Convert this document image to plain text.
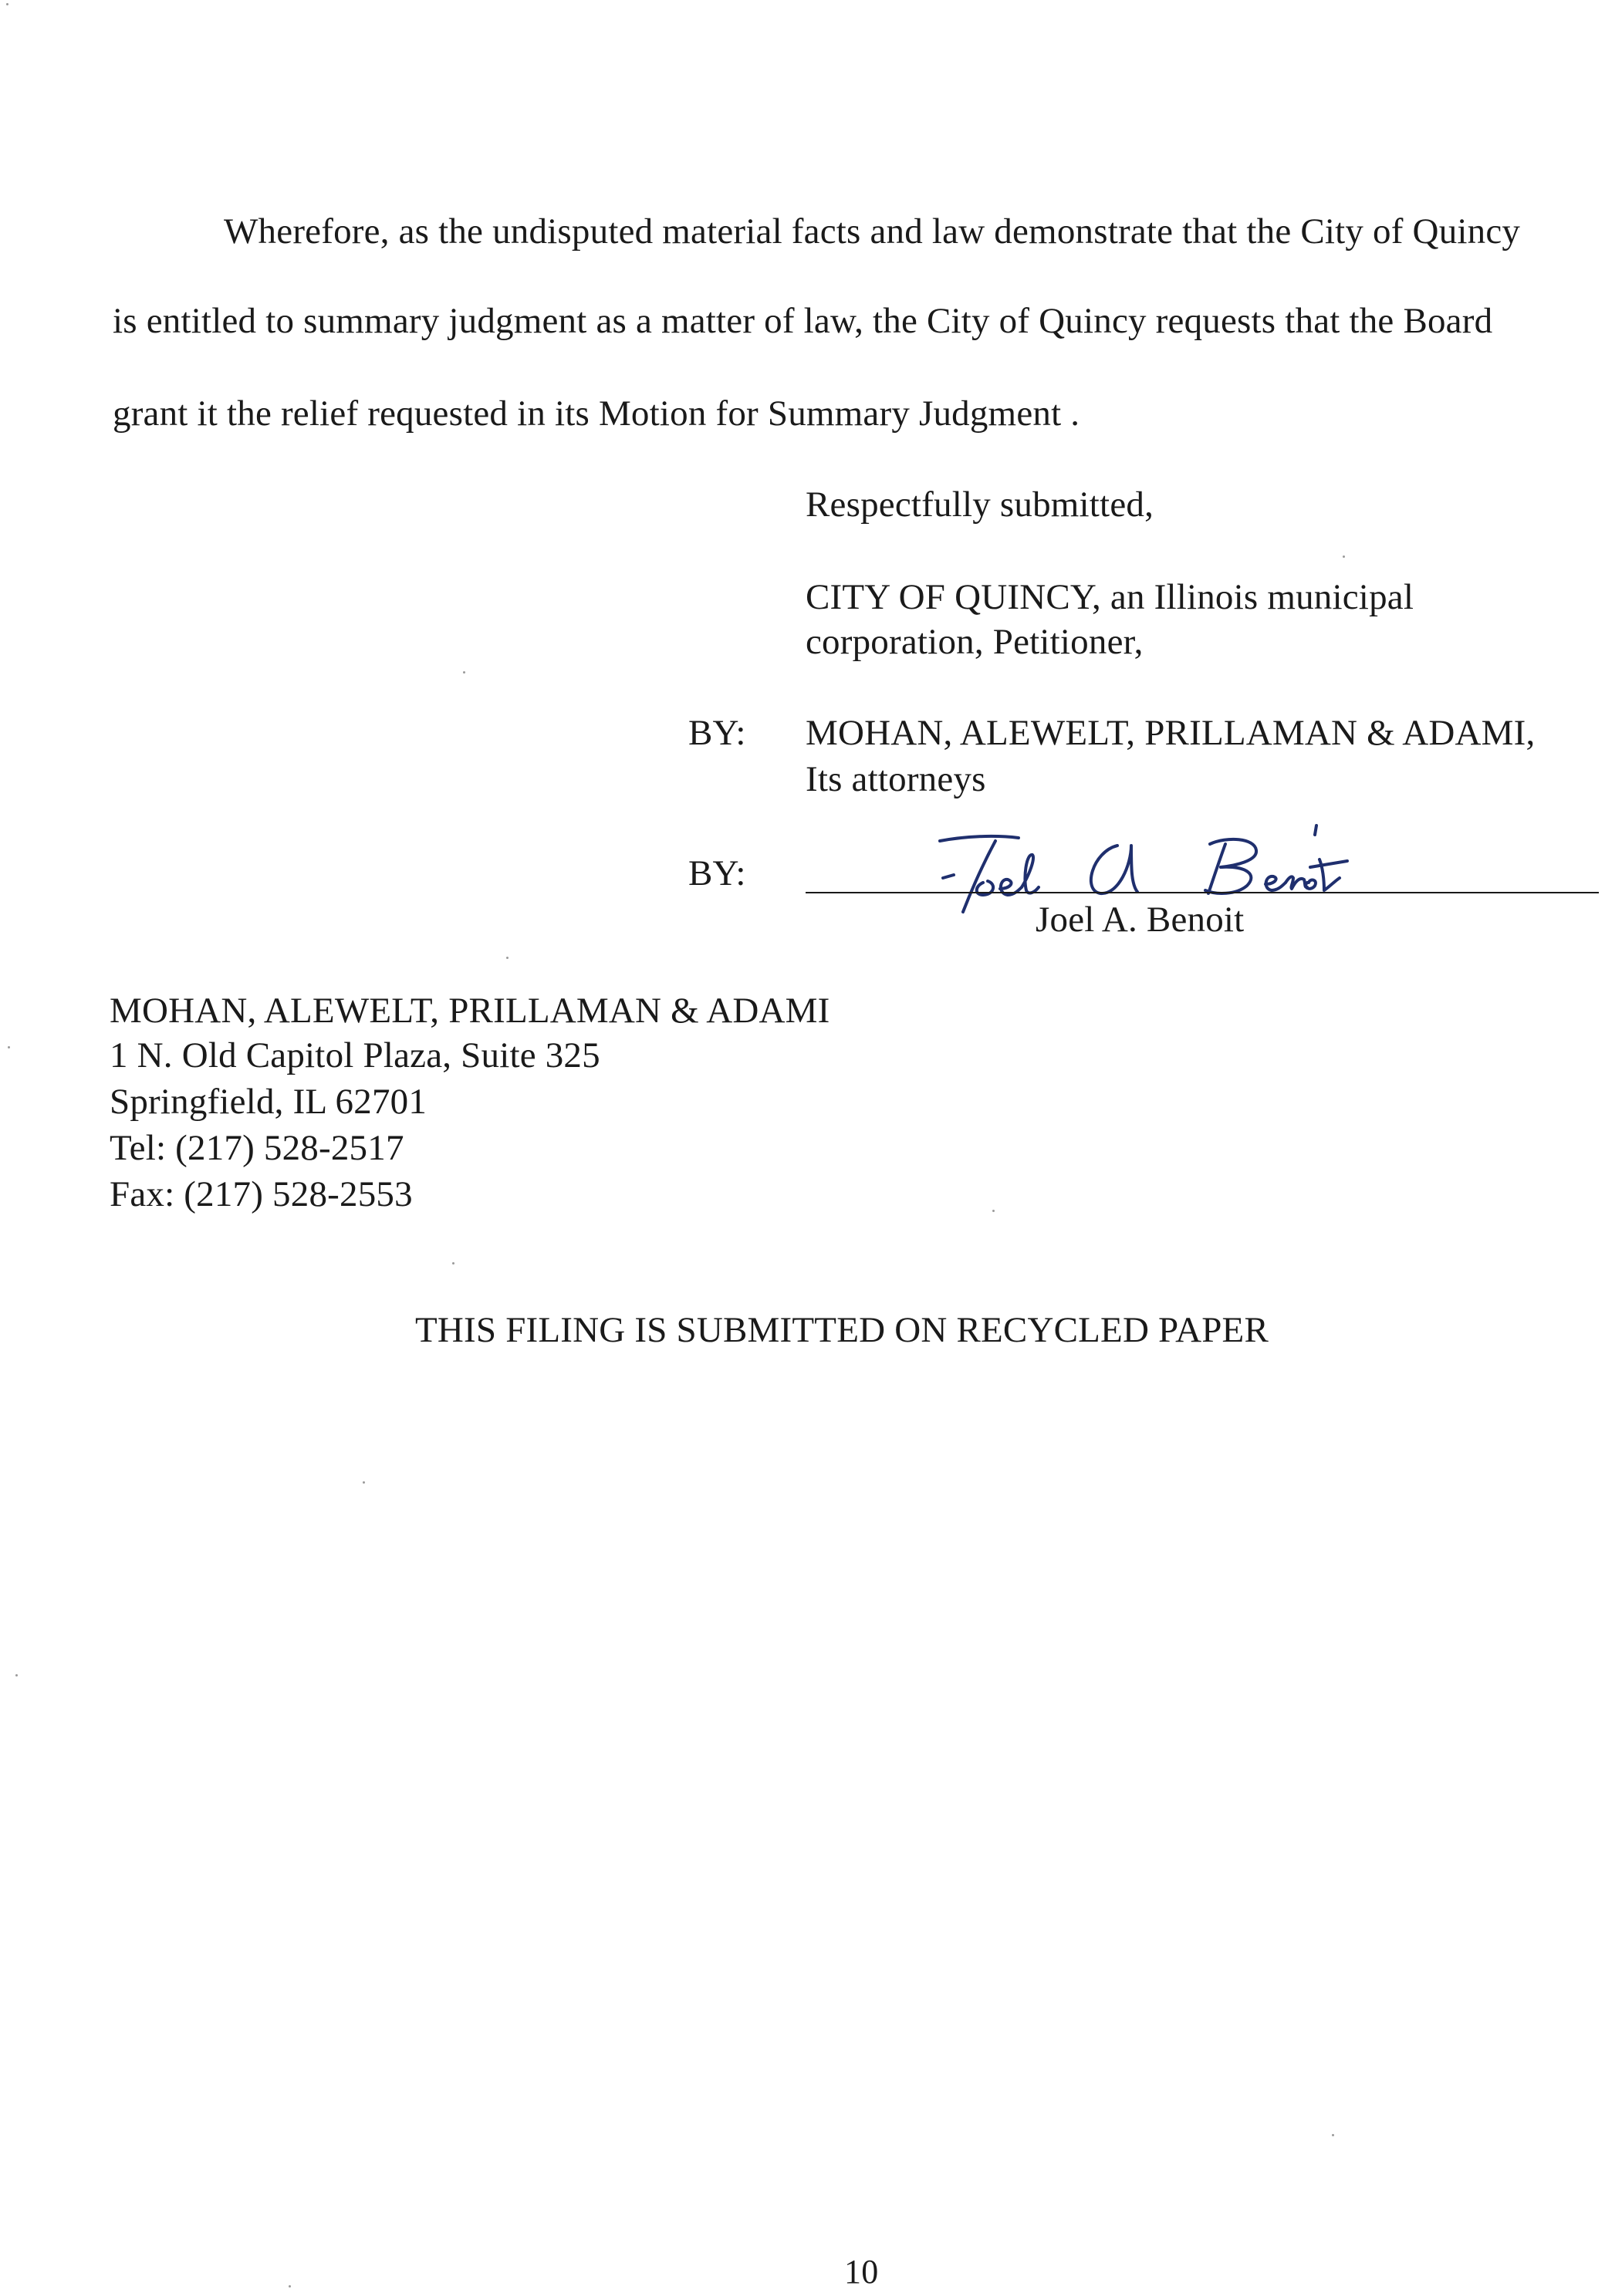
Wherefore, as the undisputed material facts and law demonstrate that the City of Quincy
is entitled to summary judgment as a matter of law, the City of Quincy requests that the Board
grant it the relief requested in its Motion for Summary Judgment .
Respectfully submitted,
CITY OF QUINCY, an Illinois municipal
corporation, Petitioner,
BY: MOHAN, ALEWELT, PRILLAMAN & ADAMI,
Its attorneys
BY:
Joel A. Benoit
MOHAN, ALEWELT, PRILLAMAN & ADAMI
1 N. Old Capitol Plaza, Suite 325
Springfield, IL 62701
Tel: (217) 528-2517
Fax: (217) 528-2553
THIS FILING IS SUBMITTED ON RECYCLED PAPER
10
